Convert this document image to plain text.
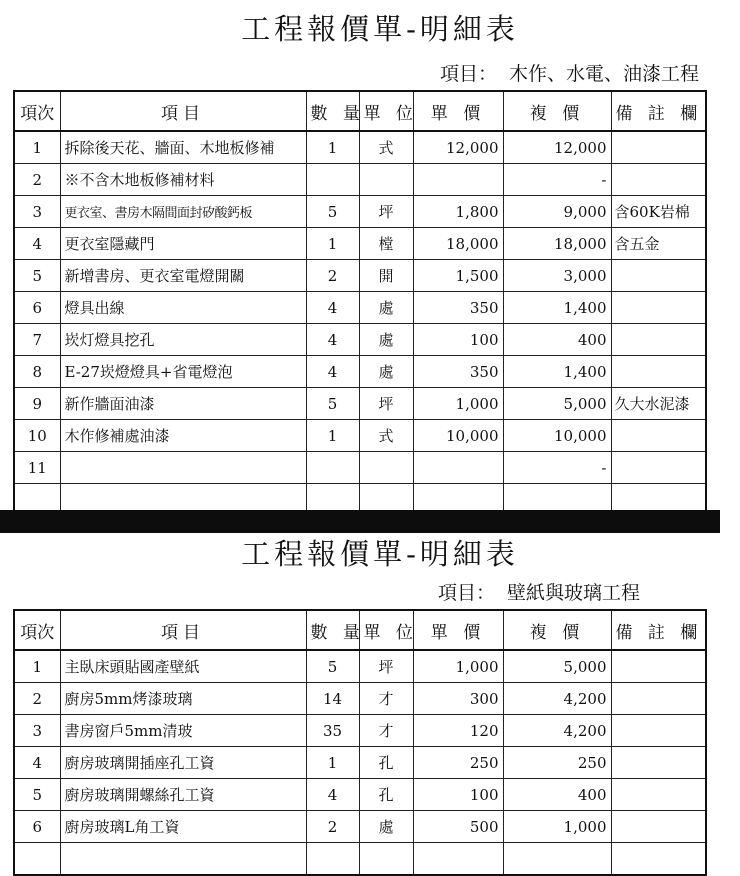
工程報價單-明細表
項目： 木作、水電、油漆工程
項次	項目	數 量	單 位	單 價	複 價	備 註 欄
1	拆除後天花、牆面、木地板修補	1	式	12,000	12,000	
2	※不含木地板修補材料				-	
3	更衣室、書房木隔間面封矽酸鈣板	5	坪	1,800	9,000	含60K岩棉
4	更衣室隱藏門	1	樘	18,000	18,000	含五金
5	新增書房、更衣室電燈開關	2	開	1,500	3,000	
6	燈具出線	4	處	350	1,400	
7	崁灯燈具挖孔	4	處	100	400	
8	E-27崁燈燈具+省電燈泡	4	處	350	1,400	
9	新作牆面油漆	5	坪	1,000	5,000	久大水泥漆
10	木作修補處油漆	1	式	10,000	10,000	
11					-	

工程報價單-明細表
項目： 壁紙與玻璃工程
項次	項目	數 量	單 位	單 價	複 價	備 註 欄
1	主臥床頭貼國產壁紙	5	坪	1,000	5,000	
2	廚房5mm烤漆玻璃	14	才	300	4,200	
3	書房窗戶5mm清玻	35	才	120	4,200	
4	廚房玻璃開插座孔工資	1	孔	250	250	
5	廚房玻璃開螺絲孔工資	4	孔	100	400	
6	廚房玻璃L角工資	2	處	500	1,000	
